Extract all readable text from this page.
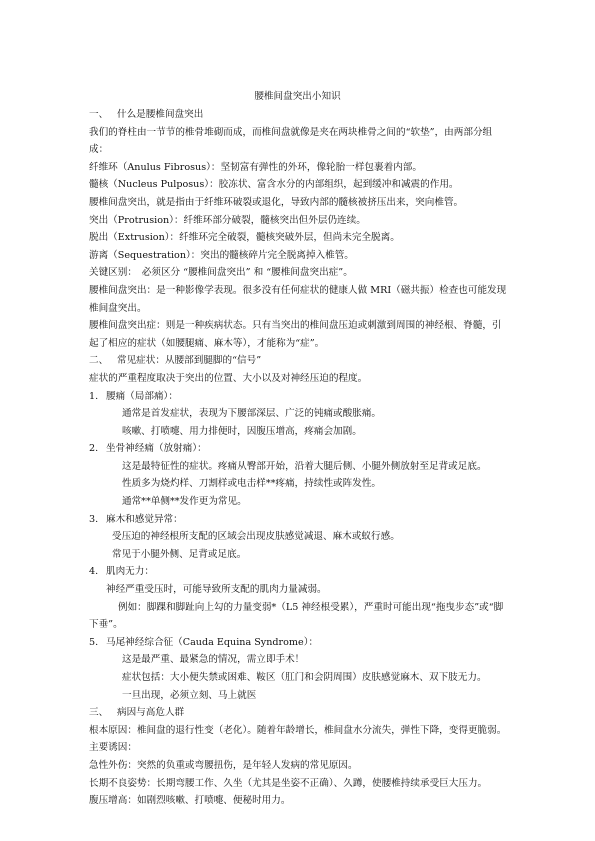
腰椎间盘突出小知识
一、 什么是腰椎间盘突出
我们的脊柱由一节节的椎骨堆砌而成，而椎间盘就像是夹在两块椎骨之间的“软垫”，由两部分组成：
纤维环（Anulus Fibrosus）：坚韧富有弹性的外环，像轮胎一样包裹着内部。
髓核（Nucleus Pulposus）：胶冻状、富含水分的内部组织，起到缓冲和减震的作用。
腰椎间盘突出，就是指由于纤维环破裂或退化，导致内部的髓核被挤压出来，突向椎管。
突出（Protrusion）：纤维环部分破裂，髓核突出但外层仍连续。
脱出（Extrusion）：纤维环完全破裂，髓核突破外层，但尚未完全脱离。
游离（Sequestration）：突出的髓核碎片完全脱离掉入椎管。
关键区别：　必须区分 “腰椎间盘突出” 和 “腰椎间盘突出症”。
腰椎间盘突出：是一种影像学表现。很多没有任何症状的健康人做 MRI（磁共振）检查也可能发现椎间盘突出。
腰椎间盘突出症：则是一种疾病状态。只有当突出的椎间盘压迫或刺激到周围的神经根、脊髓，引起了相应的症状（如腰腿痛、麻木等），才能称为“症”。
二、 常见症状：从腰部到腿脚的“信号”
症状的严重程度取决于突出的位置、大小以及对神经压迫的程度。
1. 腰痛（局部痛）：
通常是首发症状，表现为下腰部深层、广泛的钝痛或酸胀痛。
咳嗽、打喷嚏、用力排便时，因腹压增高，疼痛会加剧。
2. 坐骨神经痛（放射痛）：
这是最特征性的症状。疼痛从臀部开始，沿着大腿后侧、小腿外侧放射至足背或足底。
性质多为烧灼样、刀割样或电击样**疼痛，持续性或阵发性。
通常**单侧**发作更为常见。
3. 麻木和感觉异常：
受压迫的神经根所支配的区域会出现皮肤感觉减退、麻木或蚁行感。
常见于小腿外侧、足背或足底。
4. 肌肉无力：
神经严重受压时，可能导致所支配的肌肉力量减弱。
例如：脚踝和脚趾向上勾的力量变弱*（L5 神经根受累），严重时可能出现“拖曳步态”或“脚下垂”。
5. 马尾神经综合征（Cauda Equina Syndrome）：
这是最严重、最紧急的情况，需立即手术！
症状包括：大小便失禁或困难、鞍区（肛门和会阴周围）皮肤感觉麻木、双下肢无力。
一旦出现，必须立刻、马上就医
三、 病因与高危人群
根本原因：椎间盘的退行性变（老化）。随着年龄增长，椎间盘水分流失，弹性下降，变得更脆弱。
主要诱因：
急性外伤：突然的负重或弯腰扭伤，是年轻人发病的常见原因。
长期不良姿势：长期弯腰工作、久坐（尤其是坐姿不正确）、久蹲，使腰椎持续承受巨大压力。
腹压增高：如剧烈咳嗽、打喷嚏、便秘时用力。
